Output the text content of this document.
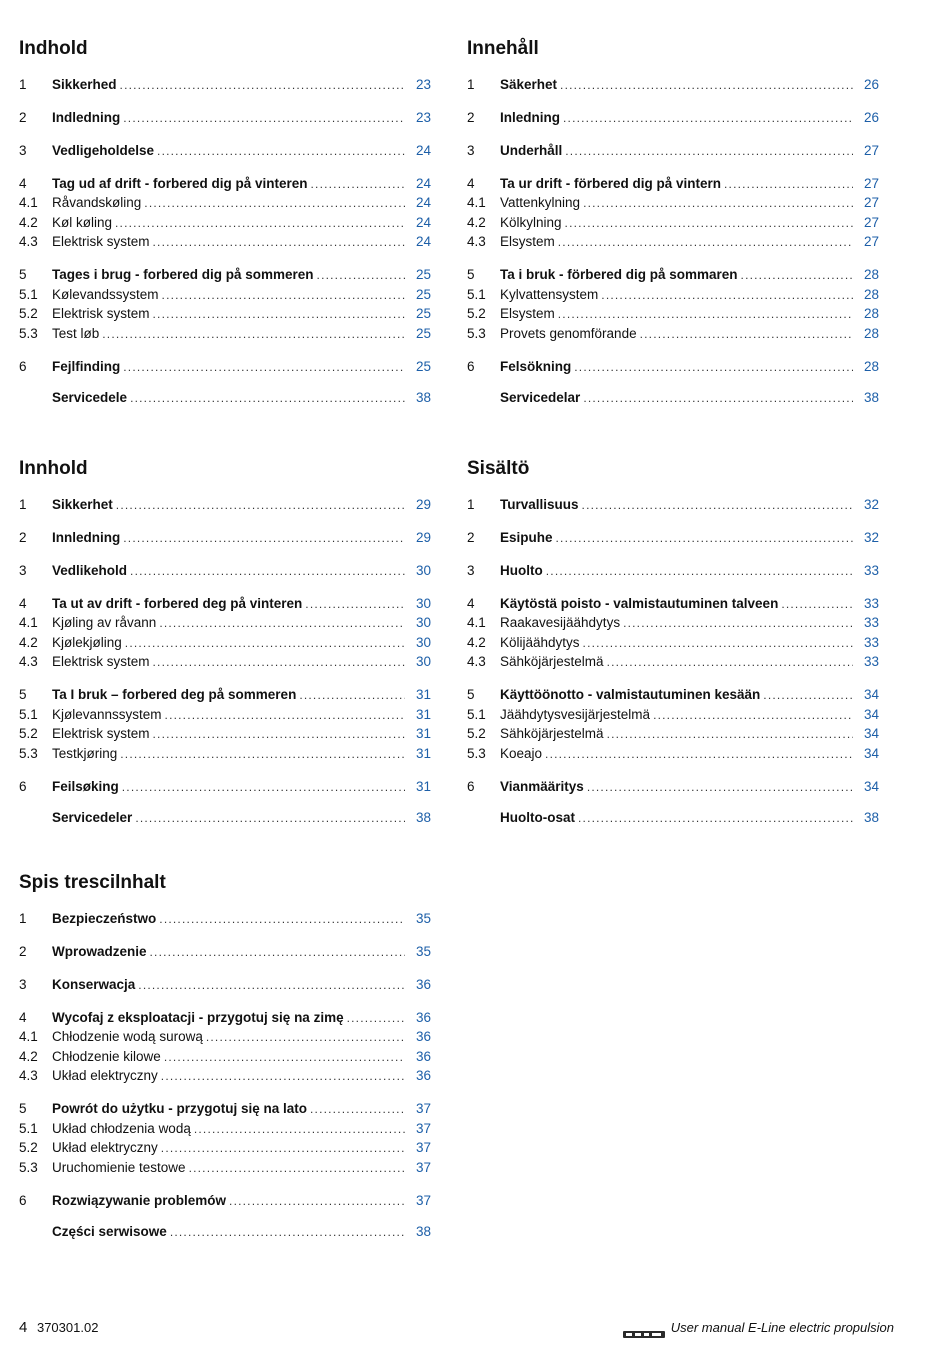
Indhold
1	Sikkerhed .....	23
2	Indledning .....	23
3	Vedligeholdelse .....	24
4	Tag ud af drift - forbered dig på vinteren .....	24
4.1	Råvandskøling .....	24
4.2	Køl køling .....	24
4.3	Elektrisk system .....	24
5	Tages i brug - forbered dig på sommeren .....	25
5.1	Kølevandssystem .....	25
5.2	Elektrisk system .....	25
5.3	Test løb .....	25
6	Fejlfinding .....	25
Servicedele .....	38
Innehåll
1	Säkerhet .....	26
2	Inledning .....	26
3	Underhåll .....	27
4	Ta ur drift - förbered dig på vintern .....	27
4.1	Vattenkylning .....	27
4.2	Kölkylning .....	27
4.3	Elsystem .....	27
5	Ta i bruk - förbered dig på sommaren .....	28
5.1	Kylvattensystem .....	28
5.2	Elsystem .....	28
5.3	Provets genomförande .....	28
6	Felsökning .....	28
Servicedelar .....	38
Innhold
1	Sikkerhet .....	29
2	Innledning .....	29
3	Vedlikehold .....	30
4	Ta ut av drift - forbered deg på vinteren .....	30
4.1	Kjøling av råvann .....	30
4.2	Kjølekjøling .....	30
4.3	Elektrisk system .....	30
5	Ta I bruk – forbered deg på sommeren .....	31
5.1	Kjølevannssystem .....	31
5.2	Elektrisk system .....	31
5.3	Testkjøring .....	31
6	Feilsøking .....	31
Servicedeler .....	38
Sisältö
1	Turvallisuus .....	32
2	Esipuhe .....	32
3	Huolto .....	33
4	Käytöstä poisto - valmistautuminen talveen .....	33
4.1	Raakavesijäähdytys .....	33
4.2	Kölijäähdytys .....	33
4.3	Sähköjärjestelmä .....	33
5	Käyttöönotto - valmistautuminen kesään .....	34
5.1	Jäähdytysvesijärjestelmä .....	34
5.2	Sähköjärjestelmä .....	34
5.3	Koeajo .....	34
6	Vianmääritys .....	34
Huolto-osat .....	38
Spis trescilnhalt
1	Bezpieczeństwo .....	35
2	Wprowadzenie .....	35
3	Konserwacja .....	36
4	Wycofaj z eksploatacji - przygotuj się na zimę .....	36
4.1	Chłodzenie wodą surową .....	36
4.2	Chłodzenie kilowe .....	36
4.3	Układ elektryczny .....	36
5	Powrót do użytku - przygotuj się na lato .....	37
5.1	Układ chłodzenia wodą .....	37
5.2	Układ elektryczny .....	37
5.3	Uruchomienie testowe .....	37
6	Rozwiązywanie problemów .....	37
Części serwisowe .....	38
4 370301.02	User manual E-Line electric propulsion
